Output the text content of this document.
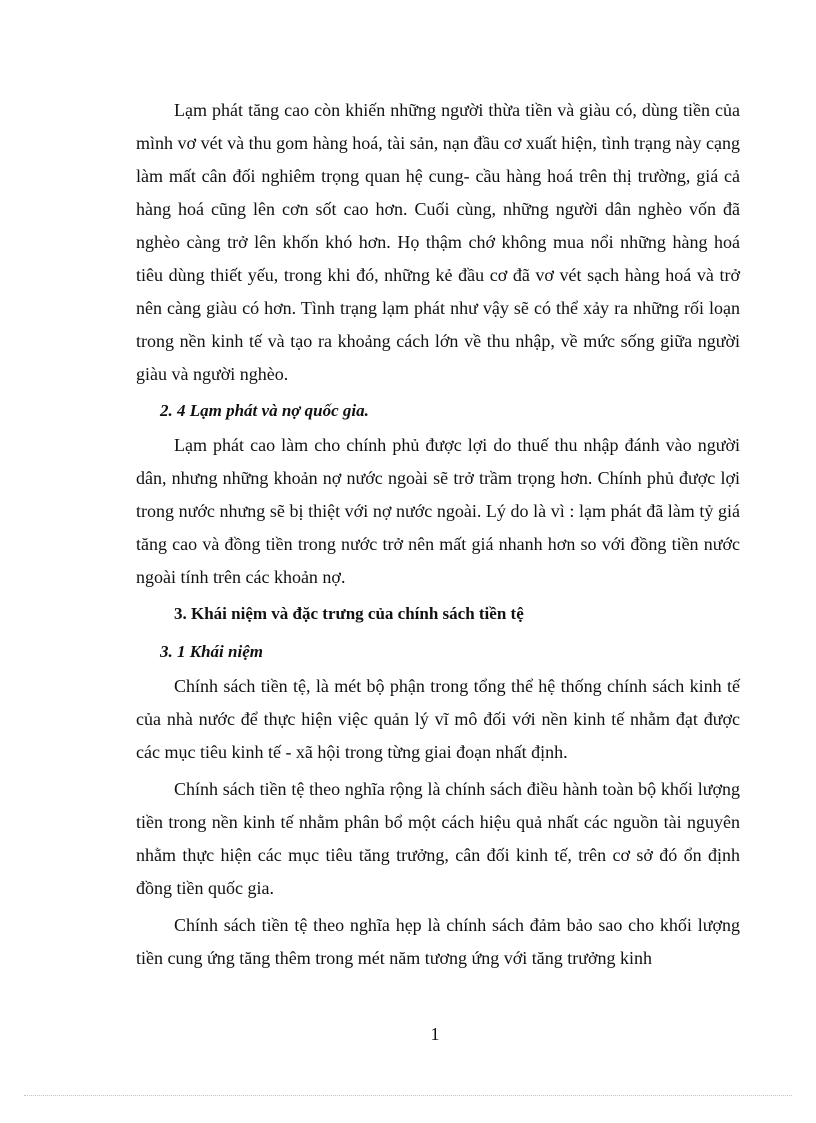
Lạm phát tăng cao còn khiến những người thừa tiền và giàu có, dùng tiền của mình vơ vét và thu gom hàng hoá, tài sản, nạn đầu cơ xuất hiện, tình trạng này cạng làm mất cân đối nghiêm trọng quan hệ cung- cầu hàng hoá trên thị trường, giá cả hàng hoá cũng lên cơn sốt cao hơn. Cuối cùng, những người dân nghèo vốn đã nghèo càng trở lên khốn khó hơn. Họ thậm chớ không mua nổi những hàng hoá tiêu dùng thiết yếu, trong khi đó, những kẻ đầu cơ đã vơ vét sạch hàng hoá và trở nên càng giàu có hơn. Tình trạng lạm phát như vậy sẽ có thể xảy ra những rối loạn trong nền kinh tế và tạo ra khoảng cách lớn về thu nhập, về mức sống giữa người giàu và người nghèo.

2. 4 Lạm phát và nợ quốc gia.

Lạm phát cao làm cho chính phủ được lợi do thuế thu nhập đánh vào người dân, nhưng những khoản nợ nước ngoài sẽ trở trầm trọng hơn. Chính phủ được lợi trong nước nhưng sẽ bị thiệt với nợ nước ngoài. Lý do là vì : lạm phát đã làm tỷ giá tăng cao và đồng tiền trong nước trở nên mất giá nhanh hơn so với đồng tiền nước ngoài tính trên các khoản nợ.

3. Khái niệm và đặc trưng của chính sách tiền tệ
3. 1 Khái niệm

Chính sách tiền tệ, là mét bộ phận trong tổng thể hệ thống chính sách kinh tế của nhà nước để thực hiện việc quản lý vĩ mô đối với nền kinh tế nhằm đạt được các mục tiêu kinh tế - xã hội trong từng giai đoạn nhất định.

Chính sách tiền tệ theo nghĩa rộng là chính sách điều hành toàn bộ khối lượng tiền trong nền kinh tế nhằm phân bổ một cách hiệu quả nhất các nguồn tài nguyên nhằm thực hiện các mục tiêu tăng trưởng, cân đối kinh tế, trên cơ sở đó ổn định đồng tiền quốc gia.

Chính sách tiền tệ theo nghĩa hẹp là chính sách đảm bảo sao cho khối lượng tiền cung ứng tăng thêm trong mét năm tương ứng với tăng trưởng kinh

1
